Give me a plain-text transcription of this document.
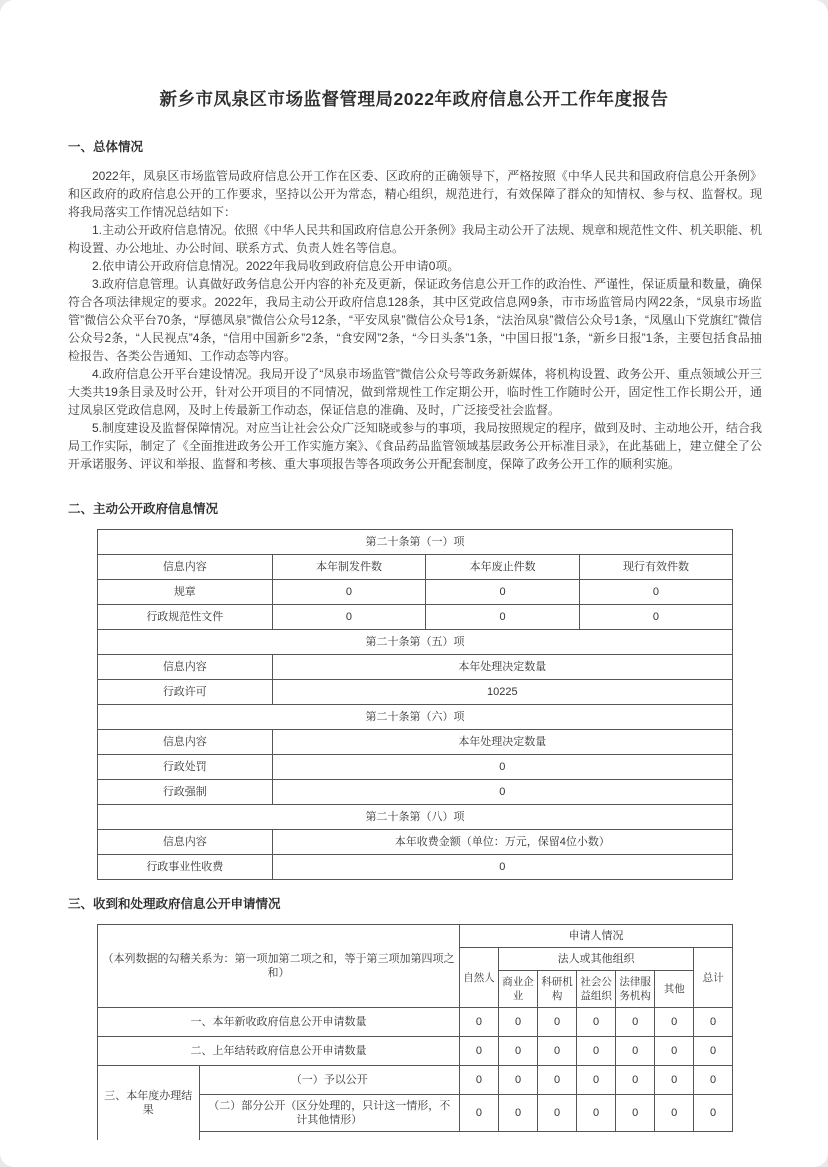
新乡市凤泉区市场监督管理局2022年政府信息公开工作年度报告
一、总体情况

2022年，凤泉区市场监管局政府信息公开工作在区委、区政府的正确领导下，严格按照《中华人民共和国政府信息公开条例》和区政府的政府信息公开的工作要求，坚持以公开为常态，精心组织，规范进行，有效保障了群众的知情权、参与权、监督权。现将我局落实工作情况总结如下：

1.主动公开政府信息情况。依照《中华人民共和国政府信息公开条例》我局主动公开了法规、规章和规范性文件、机关职能、机构设置、办公地址、办公时间、联系方式、负责人姓名等信息。

2.依申请公开政府信息情况。2022年我局收到政府信息公开申请0项。

3.政府信息管理。认真做好政务信息公开内容的补充及更新，保证政务信息公开工作的政治性、严谨性，保证质量和数量，确保符合各项法律规定的要求。2022年，我局主动公开政府信息128条，其中区党政信息网9条，市市场监管局内网22条，“凤泉市场监管”微信公众平台70条，“厚德凤泉”微信公众号12条，“平安凤泉”微信公众号1条，“法治凤泉”微信公众号1条，“凤凰山下党旗红”微信公众号2条，“人民视点”4条，“信用中国新乡”2条，“食安网”2条，“今日头条”1条，“中国日报”1条，“新乡日报”1条，主要包括食品抽检报告、各类公告通知、工作动态等内容。

4.政府信息公开平台建设情况。我局开设了“凤泉市场监管”微信公众号等政务新媒体，将机构设置、政务公开、重点领域公开三大类共19条目录及时公开，针对公开项目的不同情况，做到常规性工作定期公开，临时性工作随时公开，固定性工作长期公开，通过凤泉区党政信息网，及时上传最新工作动态，保证信息的准确、及时，广泛接受社会监督。

5.制度建设及监督保障情况。对应当让社会公众广泛知晓或参与的事项，我局按照规定的程序，做到及时、主动地公开，结合我局工作实际，制定了《全面推进政务公开工作实施方案》、《食品药品监管领域基层政务公开标准目录》，在此基础上，建立健全了公开承诺服务、评议和举报、监督和考核、重大事项报告等各项政务公开配套制度，保障了政务公开工作的顺利实施。

二、主动公开政府信息情况
第二十条第（一）项			
信息内容	本年制发件数	本年废止件数	现行有效件数
规章	0	0	0
行政规范性文件	0	0	0
第二十条第（五）项			
信息内容	本年处理决定数量		
行政许可	10225		
第二十条第（六）项			
信息内容	本年处理决定数量		
行政处罚	0		
行政强制	0		
第二十条第（八）项			
信息内容	本年收费金额（单位：万元，保留4位小数）		
行政事业性收费	0		
三、收到和处理政府信息公开申请情况
（本列数据的勾稽关系为：第一项加第二项之和，等于第三项加第四项之和）		申请人情况						
		自然人	法人或其他组织					总计
			商业企业	科研机构	社会公益组织	法律服务机构	其他	
一、本年新收政府信息公开申请数量		0	0	0	0	0	0	0
二、上年结转政府信息公开申请数量		0	0	0	0	0	0	0
三、本年度办理结果	（一）予以公开	0	0	0	0	0	0	0
	（二）部分公开（区分处理的，只计这一情形，不计其他情形）	0	0	0	0	0	0	0
